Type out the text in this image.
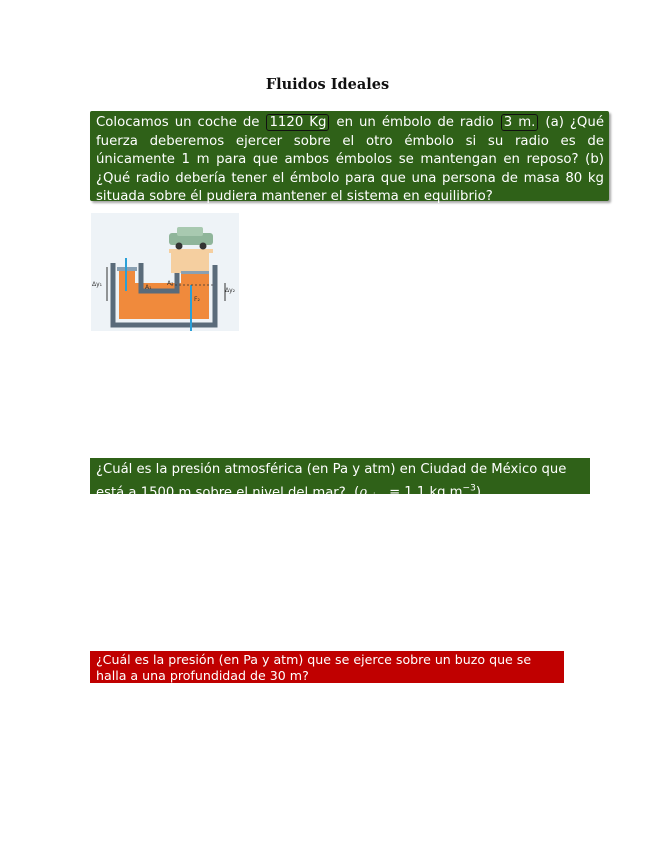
Fluidos Ideales
Colocamos un coche de 1120 Kg en un émbolo de radio 3 m. (a) ¿Qué fuerza deberemos ejercer sobre el otro émbolo si su radio es de únicamente 1 m para que ambos émbolos se mantengan en reposo? (b) ¿Qué radio debería tener el émbolo para que una persona de masa 80 kg situada sobre él pudiera mantener el sistema en equilibrio?
Δy₁	A₁
A₂
Δy₂
F₂
¿Cuál es la presión atmosférica (en Pa y atm) en Ciudad de México que está a 1500 m sobre el nivel del mar?. ($\rho_{aire} = 1.1$ $kg.m^{-3}$)
¿Cuál es la presión (en Pa y atm) que se ejerce sobre un buzo que se halla a una profundidad de 30 m?
